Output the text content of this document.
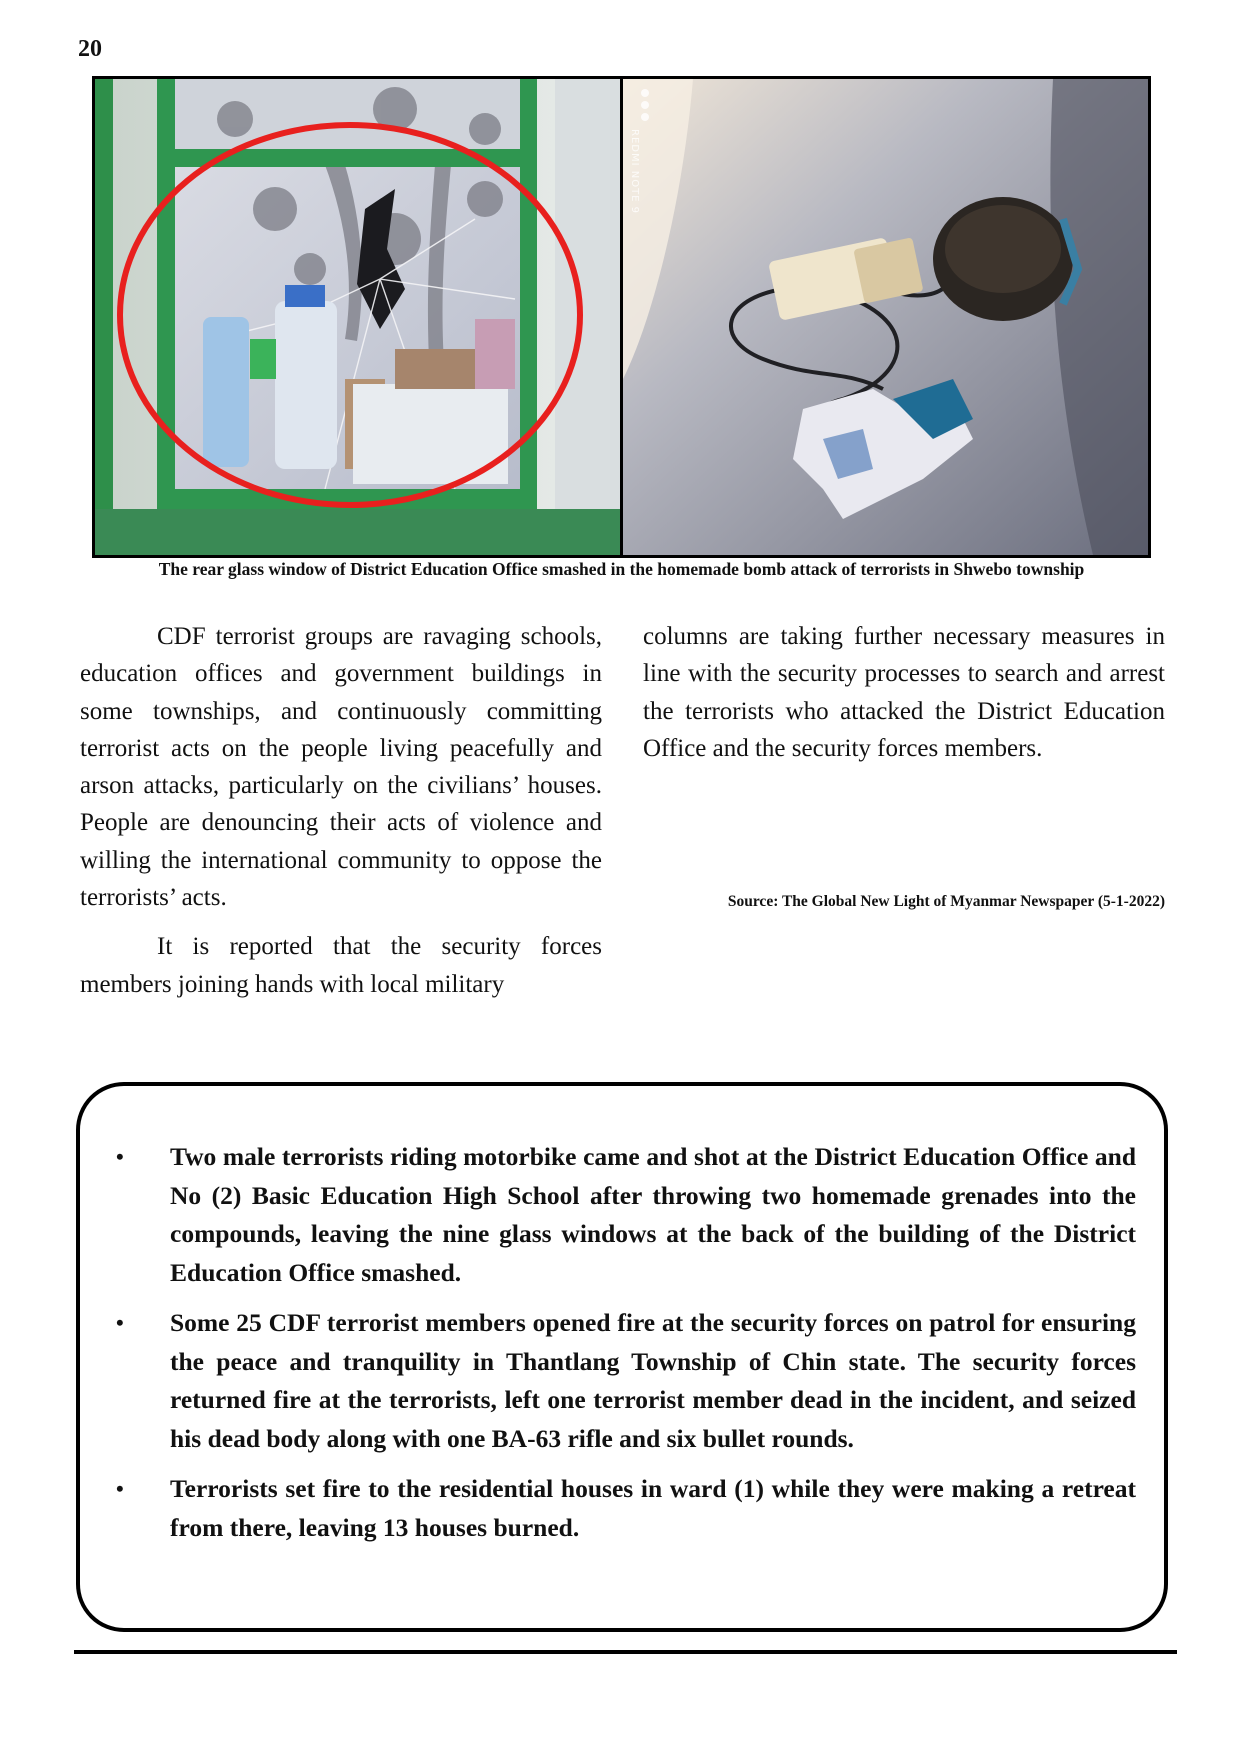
20
REDMI NOTE 9
The rear glass window of District Education Office smashed in the homemade bomb attack of terrorists in Shwebo township

CDF terrorist groups are ravaging schools, education offices and government buildings in some townships, and continuously committing terrorist acts on the people living peacefully and arson attacks, particularly on the civilians’ houses. People are denouncing their acts of violence and willing the international community to oppose the terrorists’ acts.

It is reported that the security forces members joining hands with local military

columns are taking further necessary measures in line with the security processes to search and arrest the terrorists who attacked the District Education Office and the security forces members.

Source: The Global New Light of Myanmar Newspaper (5-1-2022)
• Two male terrorists riding motorbike came and shot at the District Education Office and No (2) Basic Education High School after throwing two homemade grenades into the compounds, leaving the nine glass windows at the back of the building of the District Education Office smashed.
• Some 25 CDF terrorist members opened fire at the security forces on patrol for ensuring the peace and tranquility in Thantlang Township of Chin state. The security forces returned fire at the terrorists, left one terrorist member dead in the incident, and seized his dead body along with one BA-63 rifle and six bullet rounds.
• Terrorists set fire to the residential houses in ward (1) while they were making a retreat from there, leaving 13 houses burned.
